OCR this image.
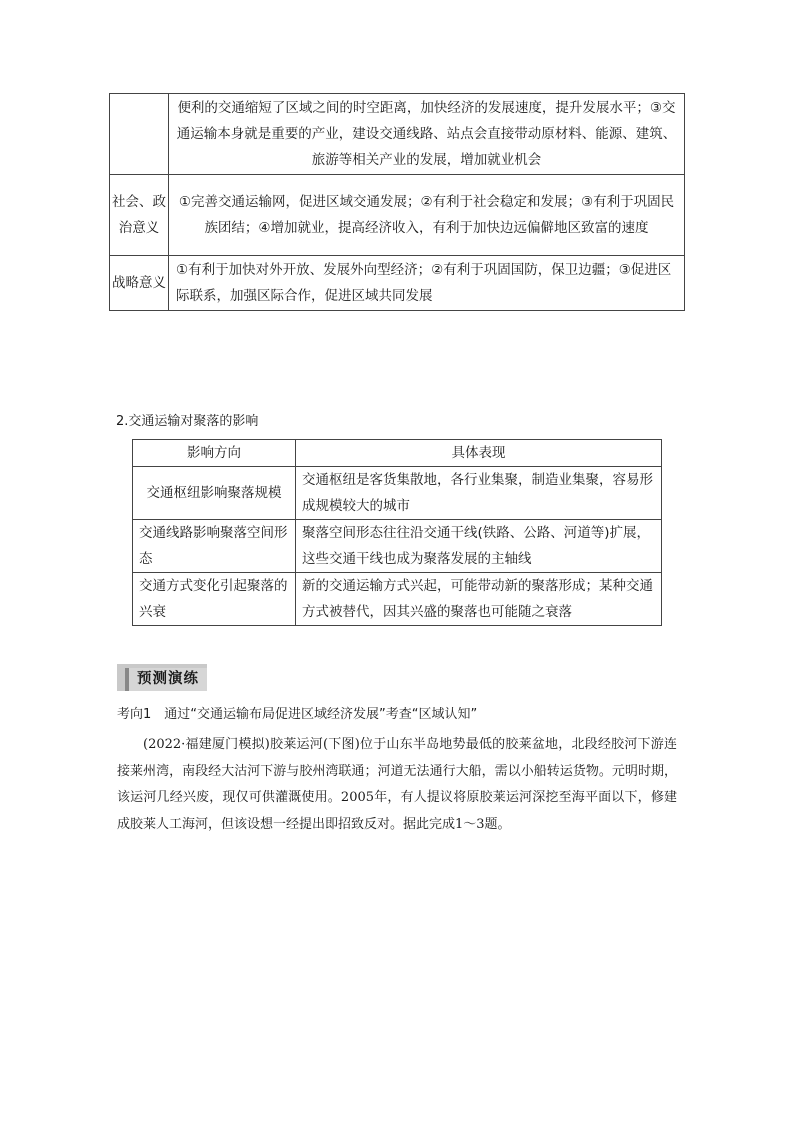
	便利的交通缩短了区域之间的时空距离，加快经济的发展速度，提升发展水平；③交通运输本身就是重要的产业，建设交通线路、站点会直接带动原材料、能源、建筑、旅游等相关产业的发展，增加就业机会
社会、政治意义	①完善交通运输网，促进区域交通发展；②有利于社会稳定和发展；③有利于巩固民族团结；④增加就业，提高经济收入，有利于加快边远偏僻地区致富的速度
战略意义	①有利于加快对外开放、发展外向型经济；②有利于巩固国防，保卫边疆；③促进区际联系，加强区际合作，促进区域共同发展
2.交通运输对聚落的影响
影响方向	具体表现
交通枢纽影响聚落规模	交通枢纽是客货集散地，各行业集聚，制造业集聚，容易形成规模较大的城市
交通线路影响聚落空间形态	聚落空间形态往往沿交通干线(铁路、公路、河道等)扩展，这些交通干线也成为聚落发展的主轴线
交通方式变化引起聚落的兴衰	新的交通运输方式兴起，可能带动新的聚落形成；某种交通方式被替代，因其兴盛的聚落也可能随之衰落
预测演练
考向1　通过“交通运输布局促进区域经济发展”考查“区域认知”
(2022·福建厦门模拟)胶莱运河(下图)位于山东半岛地势最低的胶莱盆地，北段经胶河下游连接莱州湾，南段经大沽河下游与胶州湾联通；河道无法通行大船，需以小船转运货物。元明时期，该运河几经兴废，现仅可供灌溉使用。2005年，有人提议将原胶莱运河深挖至海平面以下，修建成胶莱人工海河，但该设想一经提出即招致反对。据此完成1～3题。
